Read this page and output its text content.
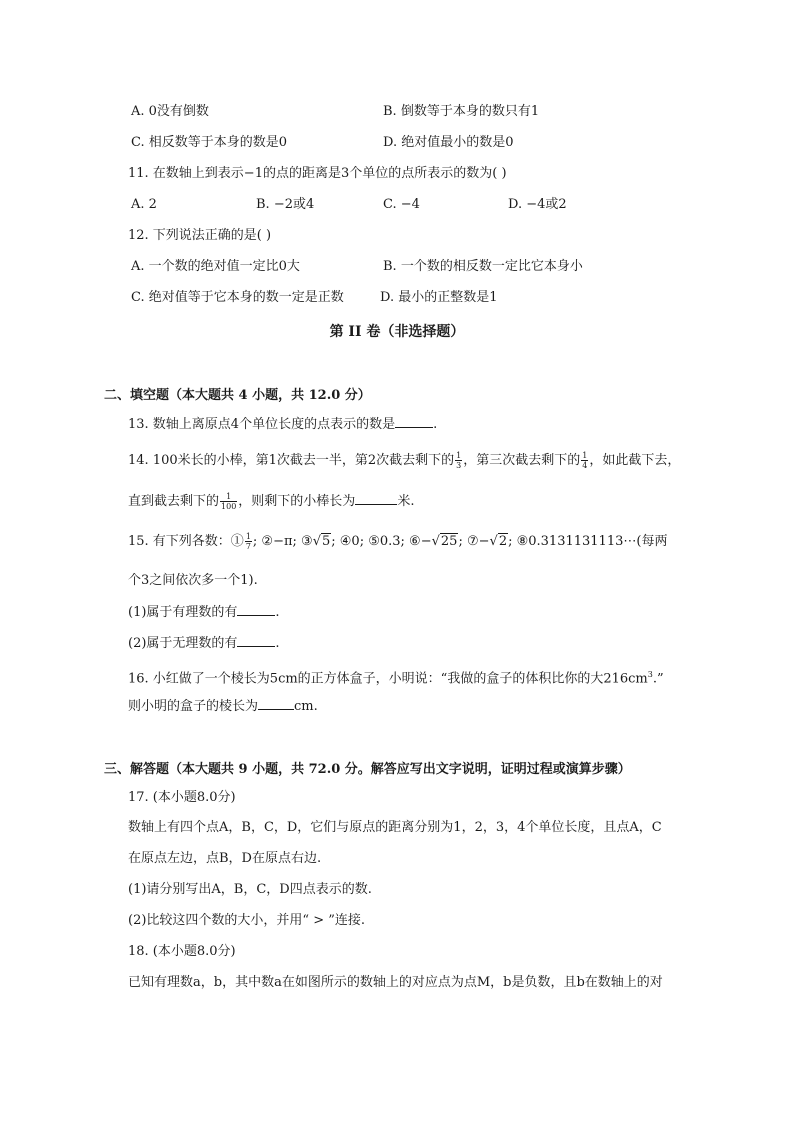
A. 0没有倒数	B. 倒数等于本身的数只有1
C. 相反数等于本身的数是0	D. 绝对值最小的数是0
11. 在数轴上到表示−1的点的距离是3个单位的点所表示的数为( )
A. 2	B. −2或4	C. −4	D. −4或2
12. 下列说法正确的是( )
A. 一个数的绝对值一定比0大	B. 一个数的相反数一定比它本身小
C. 绝对值等于它本身的数一定是正数	D. 最小的正整数是1
第 II 卷（非选择题）
二、填空题（本大题共 4 小题，共 12.0 分）
13. 数轴上离原点4个单位长度的点表示的数是	.
14. 100米长的小棒，第1次截去一半，第2次截去剩下的 $\frac{1}{3}$ ，第三次截去剩下的 $\frac{1}{4}$ ，如此截下去，
直到截去剩下的 $\frac{1}{100}$ ，则剩下的小棒长为	米.
15. 有下列各数：① $\frac{1}{7}$ ; ②−π; ③√5; ④0; ⑤0.3; ⑥−√25; ⑦−√2; ⑧0.3131131113⋯(每两
个3之间依次多一个1).
(1)属于有理数的有	.
(2)属于无理数的有	.
16. 小红做了一个棱长为5cm的正方体盒子，小明说：“我做的盒子的体积比你的大$216cm^3$.”
则小明的盒子的棱长为	cm.
三、解答题（本大题共 9 小题，共 72.0 分。解答应写出文字说明，证明过程或演算步骤）
17. (本小题8.0分)
数轴上有四个点A，B，C，D，它们与原点的距离分别为1，2，3，4个单位长度，且点A，C
在原点左边，点B，D在原点右边.
(1)请分别写出A，B，C，D四点表示的数.
(2)比较这四个数的大小，并用“ > ”连接.
18. (本小题8.0分)
已知有理数a，b，其中数a在如图所示的数轴上的对应点为点M，b是负数，且b在数轴上的对
